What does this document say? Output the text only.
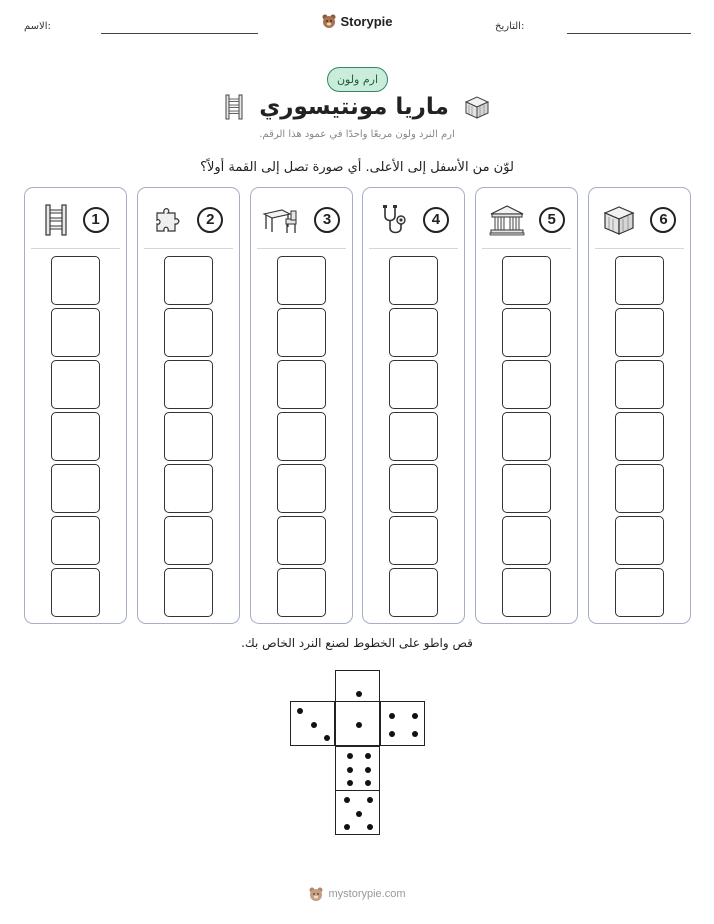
الاسم:	التاريخ:
Storypie
ارم ولون
ماريا مونتيسوري

ارم النرد ولون مربعًا واحدًا في عمود هذا الرقم.

لوّن من الأسفل إلى الأعلى. أي صورة تصل إلى القمة أولاً؟

1	2	3	4	5	6

قص واطو على الخطوط لصنع النرد الخاص بك.

mystorypie.com
